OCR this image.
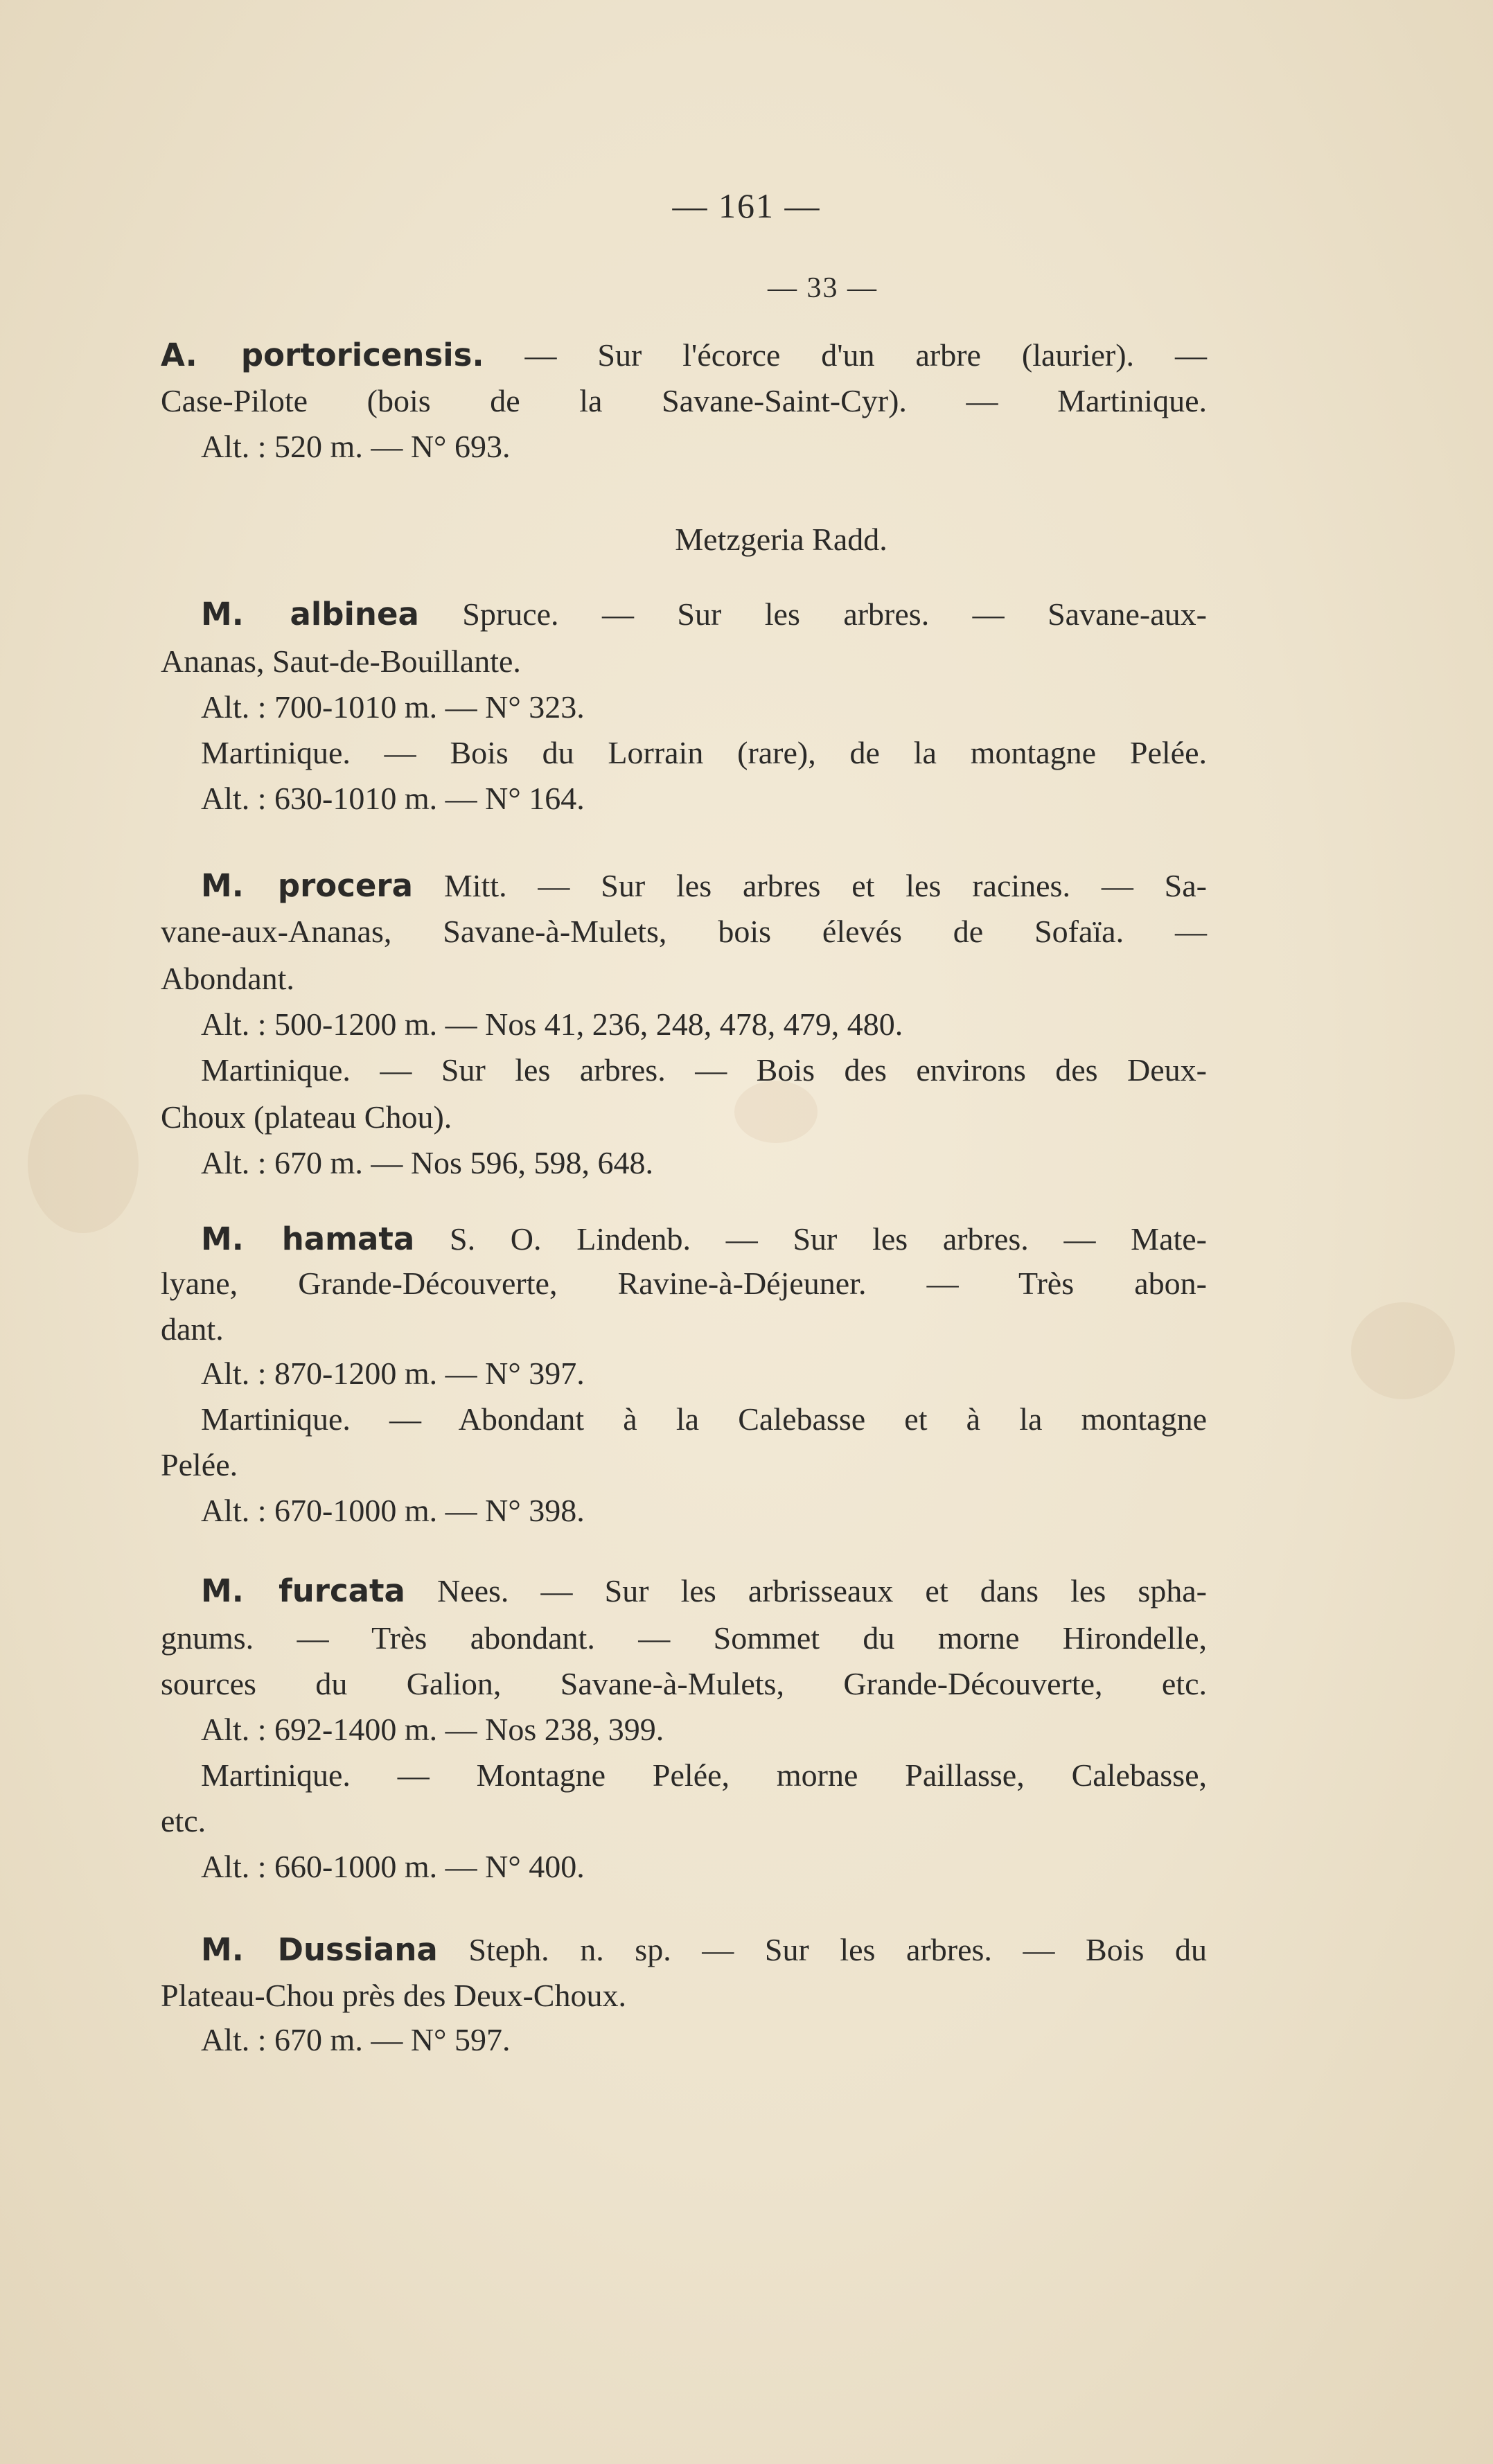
— 161 —
— 33 —
A. portoricensis. — Sur l'écorce d'un arbre (laurier). —
Case-Pilote (bois de la Savane-Saint-Cyr). — Martinique.
Alt. : 520 m. — N° 693.
Metzgeria Radd.
M. albinea Spruce. — Sur les arbres. — Savane-aux-
Ananas, Saut-de-Bouillante.
Alt. : 700-1010 m. — N° 323.
Martinique. — Bois du Lorrain (rare), de la montagne Pelée.
Alt. : 630-1010 m. — N° 164.
M. procera Mitt. — Sur les arbres et les racines. — Sa-
vane-aux-Ananas, Savane-à-Mulets, bois élevés de Sofaïa. —
Abondant.
Alt. : 500-1200 m. — Nos 41, 236, 248, 478, 479, 480.
Martinique. — Sur les arbres. — Bois des environs des Deux-
Choux (plateau Chou).
Alt. : 670 m. — Nos 596, 598, 648.
M. hamata S. O. Lindenb. — Sur les arbres. — Mate-
lyane, Grande-Découverte, Ravine-à-Déjeuner. — Très abon-
dant.
Alt. : 870-1200 m. — N° 397.
Martinique. — Abondant à la Calebasse et à la montagne
Pelée.
Alt. : 670-1000 m. — N° 398.
M. furcata Nees. — Sur les arbrisseaux et dans les spha-
gnums. — Très abondant. — Sommet du morne Hirondelle,
sources du Galion, Savane-à-Mulets, Grande-Découverte, etc.
Alt. : 692-1400 m. — Nos 238, 399.
Martinique. — Montagne Pelée, morne Paillasse, Calebasse,
etc.
Alt. : 660-1000 m. — N° 400.
M. Dussiana Steph. n. sp. — Sur les arbres. — Bois du
Plateau-Chou près des Deux-Choux.
Alt. : 670 m. — N° 597.
